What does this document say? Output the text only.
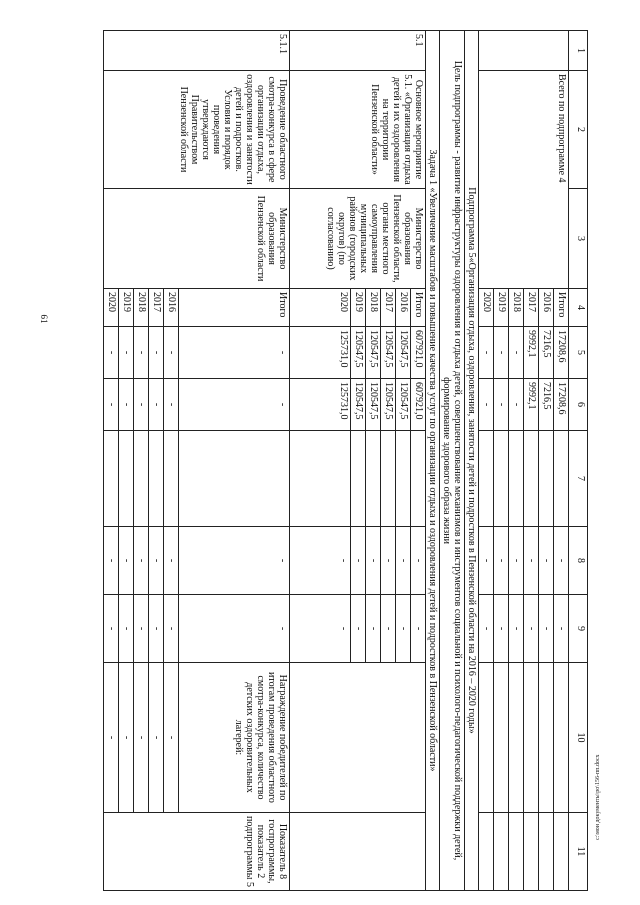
61
c:\мои документы\ро\156-пп.docx
1	2	3	4	5	6	7	8	9	10	11
	Всего по подпрограмме 4		Итого	17208,6	17208,6		-	-		
			2016	7216,5	7216,5		-	-		
			2017	9992,1	9992,1		-	-		
			2018	-	-		-	-		
			2019	-	-		-	-		
			2020	-	-		-	-		
Подпрограмма 5«Организация отдыха, оздоровления, занятости детей и подростков в Пензенской области на 2016 – 2020 годы»										
Цель подпрограммы - развитие инфраструктуры оздоровления и отдыха детей, совершенствование механизмов и инструментов социальной и психолого-педагогической поддержки детей, формирование здорового образа жизни										
Задача 1 «Увеличение масштабов и повышение качества услуг по организации отдыха и оздоровления детей и подростков в Пензенской области»										
5.1	Основное мероприятие 5.1. «Организация отдыха детей и их оздоровления на территории Пензенской области»	Министерство образования Пензенской области, органы местного самоуправления муниципальных районов (городских округов) (по согласованию)	Итого	607921,0	607921,0		-	-		
			2016	120547,5	120547,5		-	-		
			2017	120547,5	120547,5		-	-		
			2018	120547,5	120547,5		-	-		
			2019	120547,5	120547,5		-	-		
			2020	125731,0	125731,0		-	-		
5.1.1	Проведение областного смотра-конкурса в сфере организации отдыха, оздоровления и занятости детей и подростков. Условия и порядок проведения утверждаются Правительством Пензенской области	Министерство образования Пензенской области	Итого	-	-		-	-	Награждение победителей по итогам проведения областного смотра-конкурса, количество детских оздоровительных лагерей:	Показатель 8 госпрограммы, показатель 2 подпрограммы 5
			2016	-	-		-	-	-	
			2017	-	-		-	-	-	
			2018	-	-		-	-	-	
			2019	-	-		-	-	-	
			2020	-	-		-	-	-	
